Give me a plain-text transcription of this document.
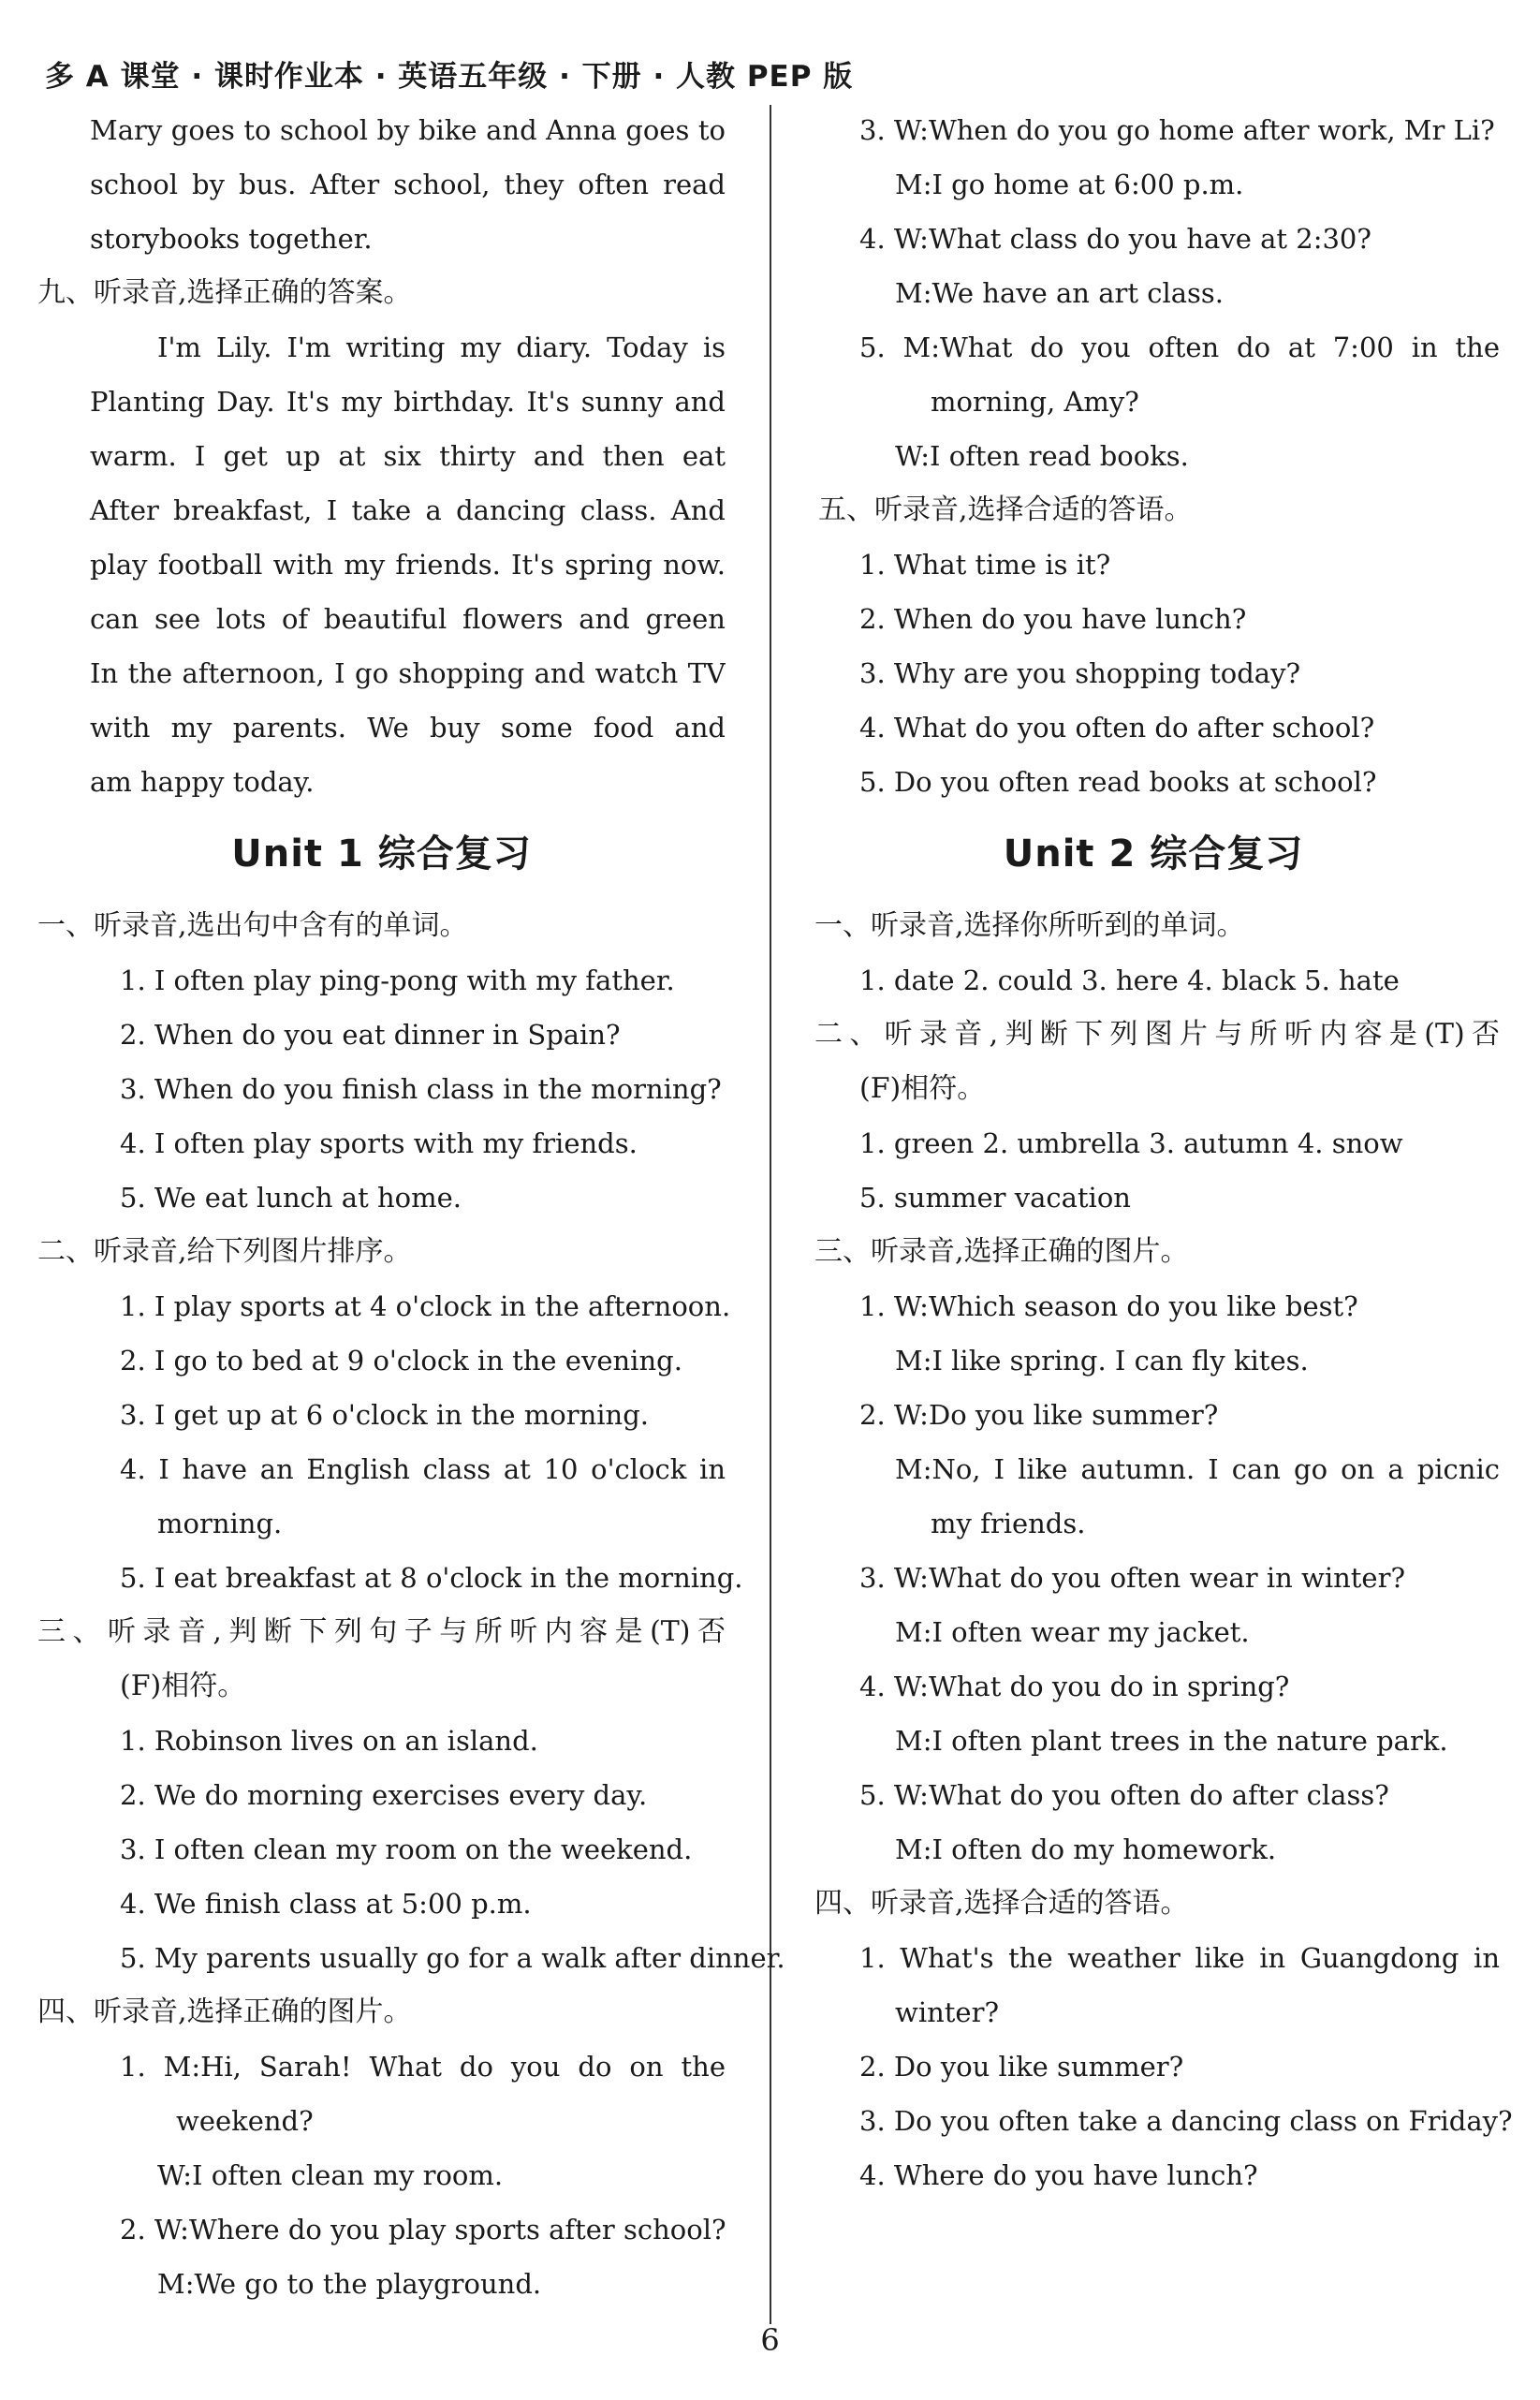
多 A 课堂 · 课时作业本 · 英语五年级 · 下册 · 人教 PEP 版
Mary goes to school by bike and Anna goes to
school by bus. After school, they often read
storybooks together.
九、听录音,选择正确的答案。
I'm Lily. I'm writing my diary. Today is
Planting Day. It's my birthday. It's sunny and
warm. I get up at six thirty and then eat
After breakfast, I take a dancing class. And
play football with my friends. It's spring now.
can see lots of beautiful flowers and green
In the afternoon, I go shopping and watch TV
with my parents. We buy some food and
am happy today.
Unit 1 综合复习
一、听录音,选出句中含有的单词。
1. I often play ping-pong with my father.
2. When do you eat dinner in Spain?
3. When do you finish class in the morning?
4. I often play sports with my friends.
5. We eat lunch at home.
二、听录音,给下列图片排序。
1. I play sports at 4 o'clock in the afternoon.
2. I go to bed at 9 o'clock in the evening.
3. I get up at 6 o'clock in the morning.
4. I have an English class at 10 o'clock in
morning.
5. I eat breakfast at 8 o'clock in the morning.
三、听录音,判断下列句子与所听内容是(T)否
(F)相符。
1. Robinson lives on an island.
2. We do morning exercises every day.
3. I often clean my room on the weekend.
4. We finish class at 5:00 p.m.
5. My parents usually go for a walk after dinner.
四、听录音,选择正确的图片。
1. M:Hi, Sarah! What do you do on the
weekend?
W:I often clean my room.
2. W:Where do you play sports after school?
M:We go to the playground.
3. W:When do you go home after work, Mr Li?
M:I go home at 6:00 p.m.
4. W:What class do you have at 2:30?
M:We have an art class.
5. M:What do you often do at 7:00 in the
morning, Amy?
W:I often read books.
五、听录音,选择合适的答语。
1. What time is it?
2. When do you have lunch?
3. Why are you shopping today?
4. What do you often do after school?
5. Do you often read books at school?
Unit 2 综合复习
一、听录音,选择你所听到的单词。
1. date 2. could 3. here 4. black 5. hate
二、听录音,判断下列图片与所听内容是(T)否
(F)相符。
1. green 2. umbrella 3. autumn 4. snow
5. summer vacation
三、听录音,选择正确的图片。
1. W:Which season do you like best?
M:I like spring. I can fly kites.
2. W:Do you like summer?
M:No, I like autumn. I can go on a picnic
my friends.
3. W:What do you often wear in winter?
M:I often wear my jacket.
4. W:What do you do in spring?
M:I often plant trees in the nature park.
5. W:What do you often do after class?
M:I often do my homework.
四、听录音,选择合适的答语。
1. What's the weather like in Guangdong in
winter?
2. Do you like summer?
3. Do you often take a dancing class on Friday?
4. Where do you have lunch?
6
